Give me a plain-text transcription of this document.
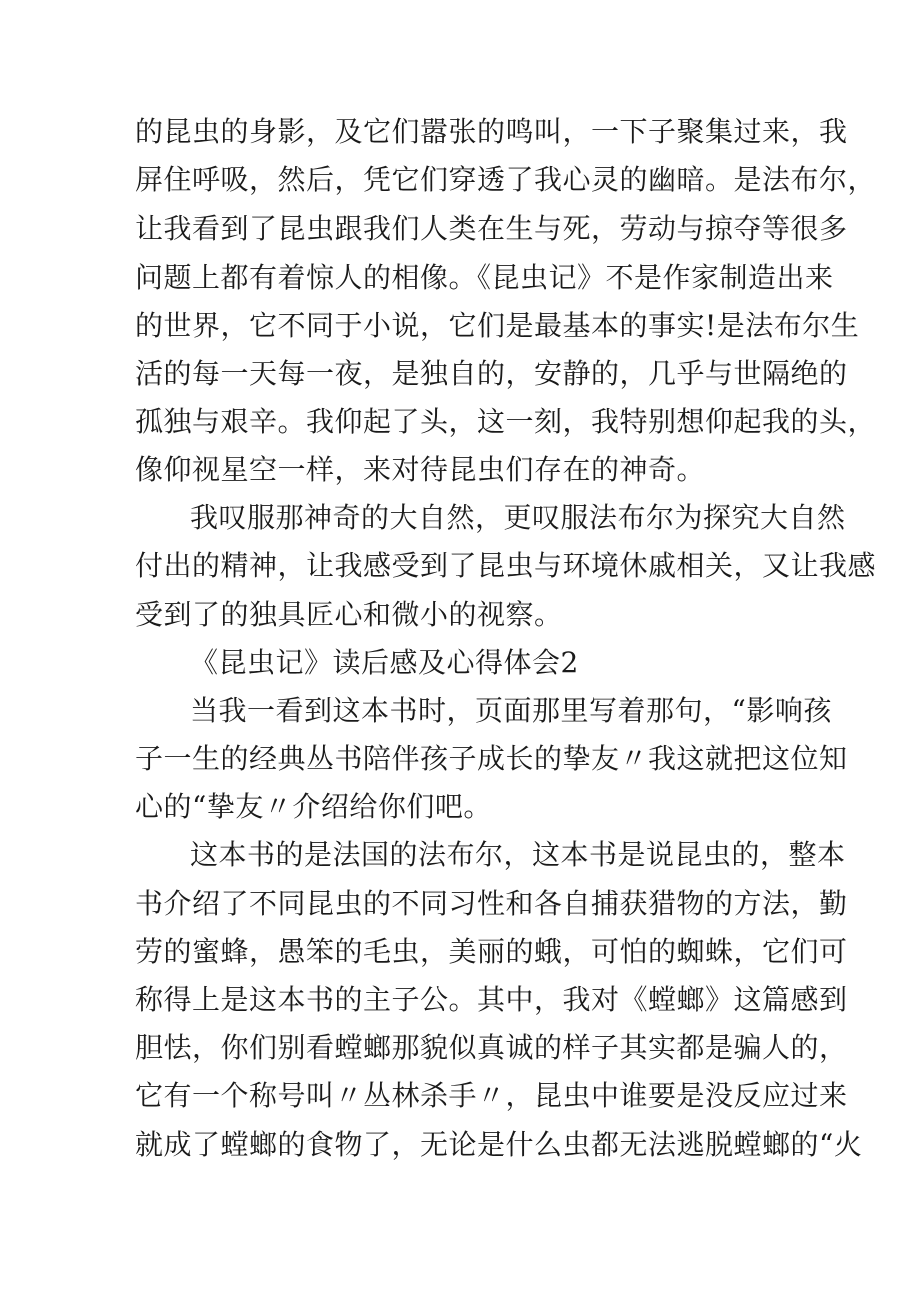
的昆虫的身影，及它们嚣张的鸣叫，一下子聚集过来，我
屏住呼吸，然后，凭它们穿透了我心灵的幽暗。是法布尔，
让我看到了昆虫跟我们人类在生与死，劳动与掠夺等很多
问题上都有着惊人的相像。《昆虫记》不是作家制造出来
的世界，它不同于小说，它们是最基本的事实!是法布尔生
活的每一天每一夜，是独自的，安静的，几乎与世隔绝的
孤独与艰辛。我仰起了头，这一刻，我特别想仰起我的头，
像仰视星空一样，来对待昆虫们存在的神奇。
我叹服那神奇的大自然，更叹服法布尔为探究大自然
付出的精神，让我感受到了昆虫与环境休戚相关，又让我感
受到了的独具匠心和微小的视察。
《昆虫记》读后感及心得体会2
当我一看到这本书时，页面那里写着那句，“影响孩
子一生的经典丛书陪伴孩子成长的挚友〃我这就把这位知
心的“挚友〃介绍给你们吧。
这本书的是法国的法布尔，这本书是说昆虫的，整本
书介绍了不同昆虫的不同习性和各自捕获猎物的方法，勤
劳的蜜蜂，愚笨的毛虫，美丽的蛾，可怕的蜘蛛，它们可
称得上是这本书的主子公。其中，我对《螳螂》这篇感到
胆怯，你们别看螳螂那貌似真诚的样子其实都是骗人的，
它有一个称号叫〃丛林杀手〃，昆虫中谁要是没反应过来
就成了螳螂的食物了，无论是什么虫都无法逃脱螳螂的“火
